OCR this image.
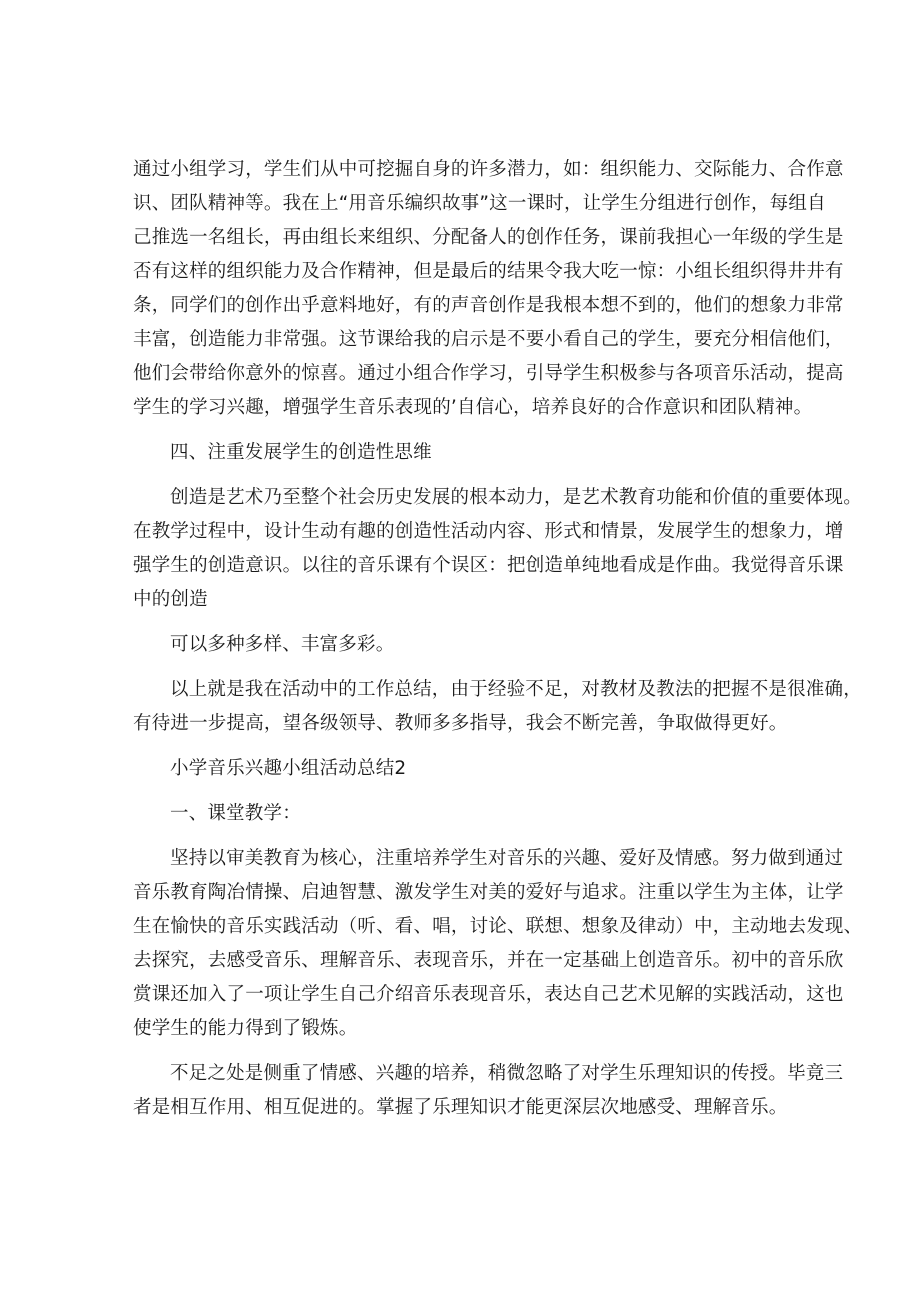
通过小组学习，学生们从中可挖掘自身的许多潜力，如：组织能力、交际能力、合作意
识、团队精神等。我在上“用音乐编织故事”这一课时，让学生分组进行创作，每组自
己推选一名组长，再由组长来组织、分配备人的创作任务，课前我担心一年级的学生是
否有这样的组织能力及合作精神，但是最后的结果令我大吃一惊：小组长组织得井井有
条，同学们的创作出乎意料地好，有的声音创作是我根本想不到的，他们的想象力非常
丰富，创造能力非常强。这节课给我的启示是不要小看自己的学生，要充分相信他们，
他们会带给你意外的惊喜。通过小组合作学习，引导学生积极参与各项音乐活动，提高
学生的学习兴趣，增强学生音乐表现的’自信心，培养良好的合作意识和团队精神。
四、注重发展学生的创造性思维
创造是艺术乃至整个社会历史发展的根本动力，是艺术教育功能和价值的重要体现。
在教学过程中，设计生动有趣的创造性活动内容、形式和情景，发展学生的想象力，增
强学生的创造意识。以往的音乐课有个误区：把创造单纯地看成是作曲。我觉得音乐课
中的创造
可以多种多样、丰富多彩。
以上就是我在活动中的工作总结，由于经验不足，对教材及教法的把握不是很准确，
有待进一步提高，望各级领导、教师多多指导，我会不断完善，争取做得更好。
小学音乐兴趣小组活动总结2
一、课堂教学：
坚持以审美教育为核心，注重培养学生对音乐的兴趣、爱好及情感。努力做到通过
音乐教育陶冶情操、启迪智慧、激发学生对美的爱好与追求。注重以学生为主体，让学
生在愉快的音乐实践活动（听、看、唱，讨论、联想、想象及律动）中，主动地去发现、
去探究，去感受音乐、理解音乐、表现音乐，并在一定基础上创造音乐。初中的音乐欣
赏课还加入了一项让学生自己介绍音乐表现音乐，表达自己艺术见解的实践活动，这也
使学生的能力得到了锻炼。
不足之处是侧重了情感、兴趣的培养，稍微忽略了对学生乐理知识的传授。毕竟三
者是相互作用、相互促进的。掌握了乐理知识才能更深层次地感受、理解音乐。
